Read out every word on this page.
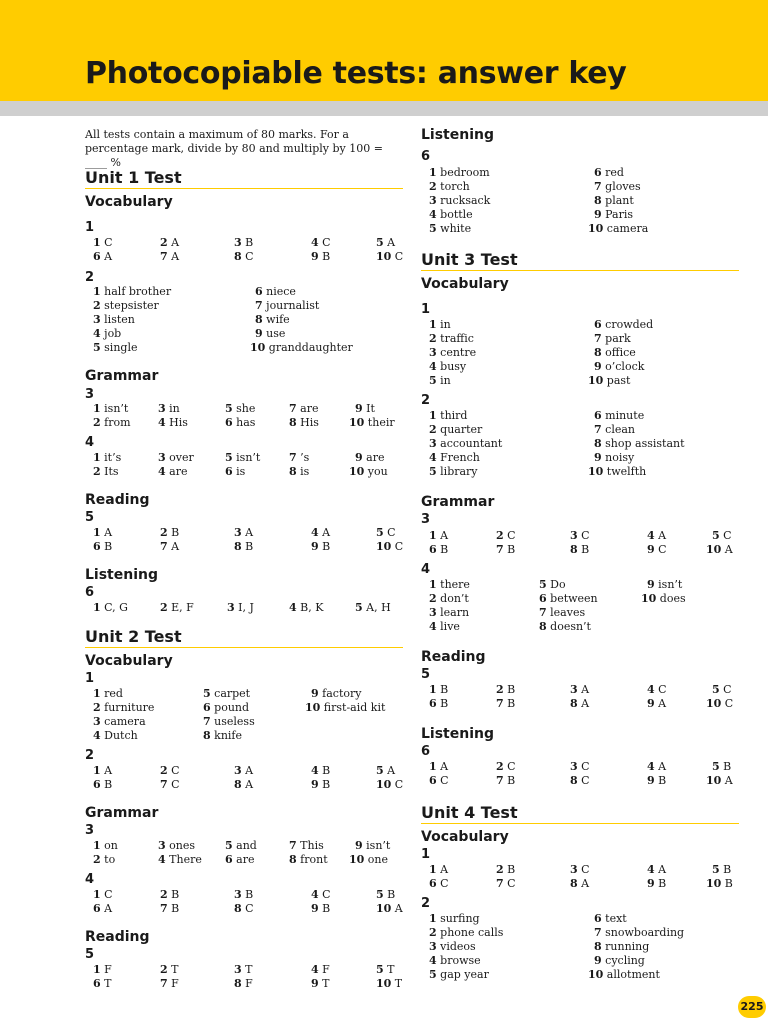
Photocopiable tests: answer key
All tests contain a maximum of 80 marks. For a percentage mark, divide by 80 and multiply by 100 = ____ %
Unit 1 Test
Vocabulary
1
1 C	2 A	3 B	4 C	5 A
6 A	7 A	8 C	9 B	10 C
2
1 half brother	6 niece
2 stepsister	7 journalist
3 listen	8 wife
4 job	9 use
5 single	10 granddaughter
Grammar
3
1 isn’t	3 in	5 she	7 are	9 It
2 from 4 His	6 has	8 His	10 their
4
1 it’s	3 over	5 isn’t	7 ’s	9 are
2 Its	4 are	6 is	8 is	10 you
Reading
5
1 A	2 B	3 A	4 A	5 C
6 B	7 A	8 B	9 B	10 C
Listening
6
1 C, G	2 E, F	3 I, J	4 B, K	5 A, H
Unit 2 Test
Vocabulary
1
1 red	5 carpet	9 factory
2 furniture	6 pound	10 first-aid kit
3 camera	7 useless
4 Dutch	8 knife
2
1 A	2 C	3 A	4 B	5 A
6 B	7 C	8 A	9 B	10 C
Grammar
3
1 on	3 ones	5 and	7 This	9 isn’t
2 to	4 There 6 are	8 front 10 one
4
1 C	2 B	3 B	4 C	5 B
6 A	7 B	8 C	9 B	10 A
Reading
5
1 F	2 T	3 T	4 F	5 T
6 T	7 F	8 F	9 T	10 T
Listening
6
1 bedroom	6 red
2 torch	7 gloves
3 rucksack	8 plant
4 bottle	9 Paris
5 white	10 camera
Unit 3 Test
Vocabulary
1
1 in	6 crowded
2 traffic	7 park
3 centre	8 office
4 busy	9 o’clock
5 in	10 past
2
1 third	6 minute
2 quarter	7 clean
3 accountant	8 shop assistant
4 French	9 noisy
5 library	10 twelfth
Grammar
3
1 A	2 C	3 C	4 A	5 C
6 B	7 B	8 B	9 C	10 A
4
1 there	5 Do	9 isn’t
2 don’t	6 between	10 does
3 learn	7 leaves
4 live	8 doesn’t
Reading
5
1 B	2 B	3 A	4 C	5 C
6 B	7 B	8 A	9 A	10 C
Listening
6
1 A	2 C	3 C	4 A	5 B
6 C	7 B	8 C	9 B	10 A
Unit 4 Test
Vocabulary
1
1 A	2 B	3 C	4 A	5 B
6 C	7 C	8 A	9 B	10 B
2
1 surfing	6 text
2 phone calls	7 snowboarding
3 videos	8 running
4 browse	9 cycling
5 gap year	10 allotment
225
